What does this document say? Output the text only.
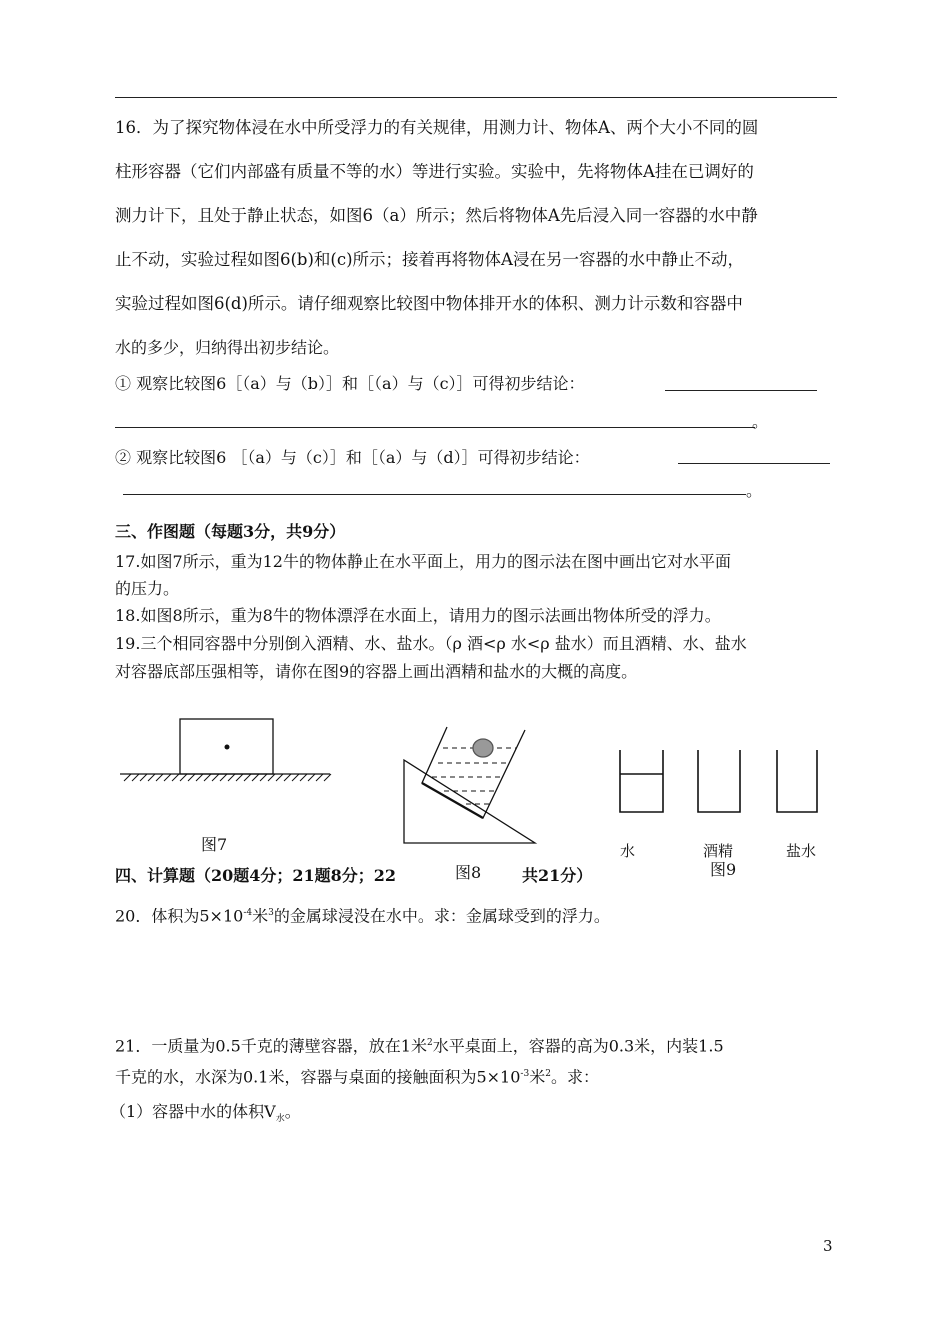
16．为了探究物体浸在水中所受浮力的有关规律，用测力计、物体A、两个大小不同的圆
柱形容器（它们内部盛有质量不等的水）等进行实验。实验中，先将物体A挂在已调好的
测力计下，且处于静止状态，如图6（a）所示；然后将物体A先后浸入同一容器的水中静
止不动，实验过程如图6(b)和(c)所示；接着再将物体A浸在另一容器的水中静止不动，
实验过程如图6(d)所示。请仔细观察比较图中物体排开水的体积、测力计示数和容器中
水的多少，归纳得出初步结论。
① 观察比较图6［（a）与（b）］和［（a）与（c）］可得初步结论：
。
② 观察比较图6 ［（a）与（c）］和［（a）与（d）］可得初步结论：
。
三、作图题（每题3分，共9分）
17.如图7所示，重为12牛的物体静止在水平面上，用力的图示法在图中画出它对水平面
的压力。
18.如图8所示，重为8牛的物体漂浮在水面上，请用力的图示法画出物体所受的浮力。
19.三个相同容器中分别倒入酒精、水、盐水。（ρ 酒<ρ 水<ρ 盐水）而且酒精、水、盐水
对容器底部压强相等，请你在图9的容器上画出酒精和盐水的大概的高度。
图7	水	酒精	盐水
图9
四、计算题（20题4分；21题8分；22	图8	共21分）
20．体积为$5\times 10^{-4}$米$^3$的金属球浸没在水中。求：金属球受到的浮力。
21．一质量为0.5千克的薄壁容器，放在1米$^2$水平桌面上，容器的高为0.3米，内装1.5
千克的水，水深为0.1米，容器与桌面的接触面积为$5\times 10^{-3}$米$^2$。求：
（1）容器中水的体积$V_水$。
3
